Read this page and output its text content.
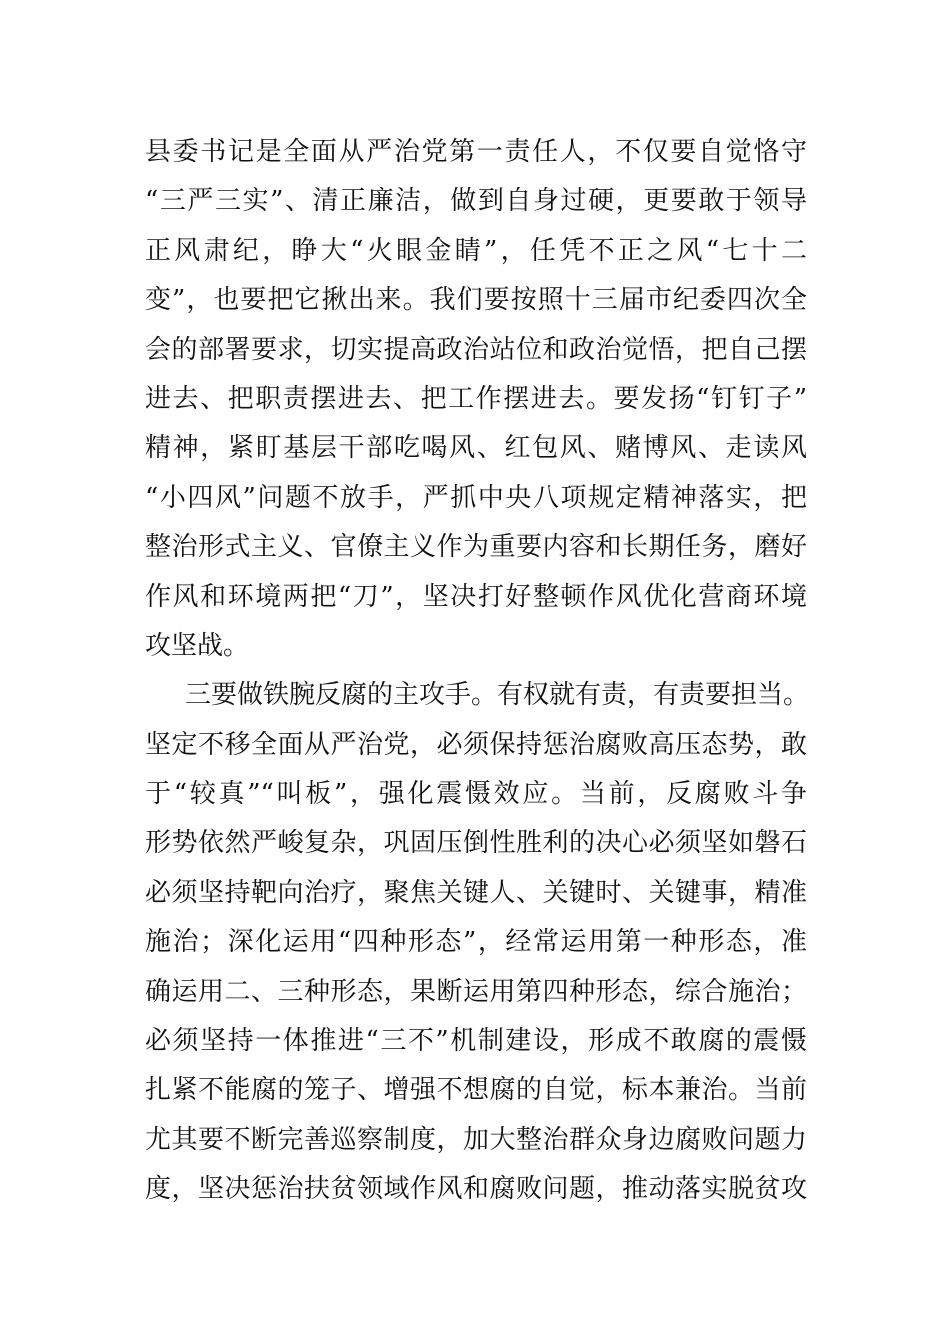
县委书记是全面从严治党第一责任人，不仅要自觉恪守
“三严三实”、清正廉洁，做到自身过硬，更要敢于领导
正风肃纪，睁大“火眼金睛”，任凭不正之风“七十二
变”，也要把它揪出来。我们要按照十三届市纪委四次全
会的部署要求，切实提高政治站位和政治觉悟，把自己摆
进去、把职责摆进去、把工作摆进去。要发扬“钉钉子”
精神，紧盯基层干部吃喝风、红包风、赌博风、走读风
“小四风”问题不放手，严抓中央八项规定精神落实，把
整治形式主义、官僚主义作为重要内容和长期任务，磨好
作风和环境两把“刀”，坚决打好整顿作风优化营商环境
攻坚战。
三要做铁腕反腐的主攻手。有权就有责，有责要担当。
坚定不移全面从严治党，必须保持惩治腐败高压态势，敢
于“较真”“叫板”，强化震慑效应。当前，反腐败斗争
形势依然严峻复杂，巩固压倒性胜利的决心必须坚如磐石
必须坚持靶向治疗，聚焦关键人、关键时、关键事，精准
施治；深化运用“四种形态”，经常运用第一种形态，准
确运用二、三种形态，果断运用第四种形态，综合施治；
必须坚持一体推进“三不”机制建设，形成不敢腐的震慑
扎紧不能腐的笼子、增强不想腐的自觉，标本兼治。当前
尤其要不断完善巡察制度，加大整治群众身边腐败问题力
度，坚决惩治扶贫领域作风和腐败问题，推动落实脱贫攻
